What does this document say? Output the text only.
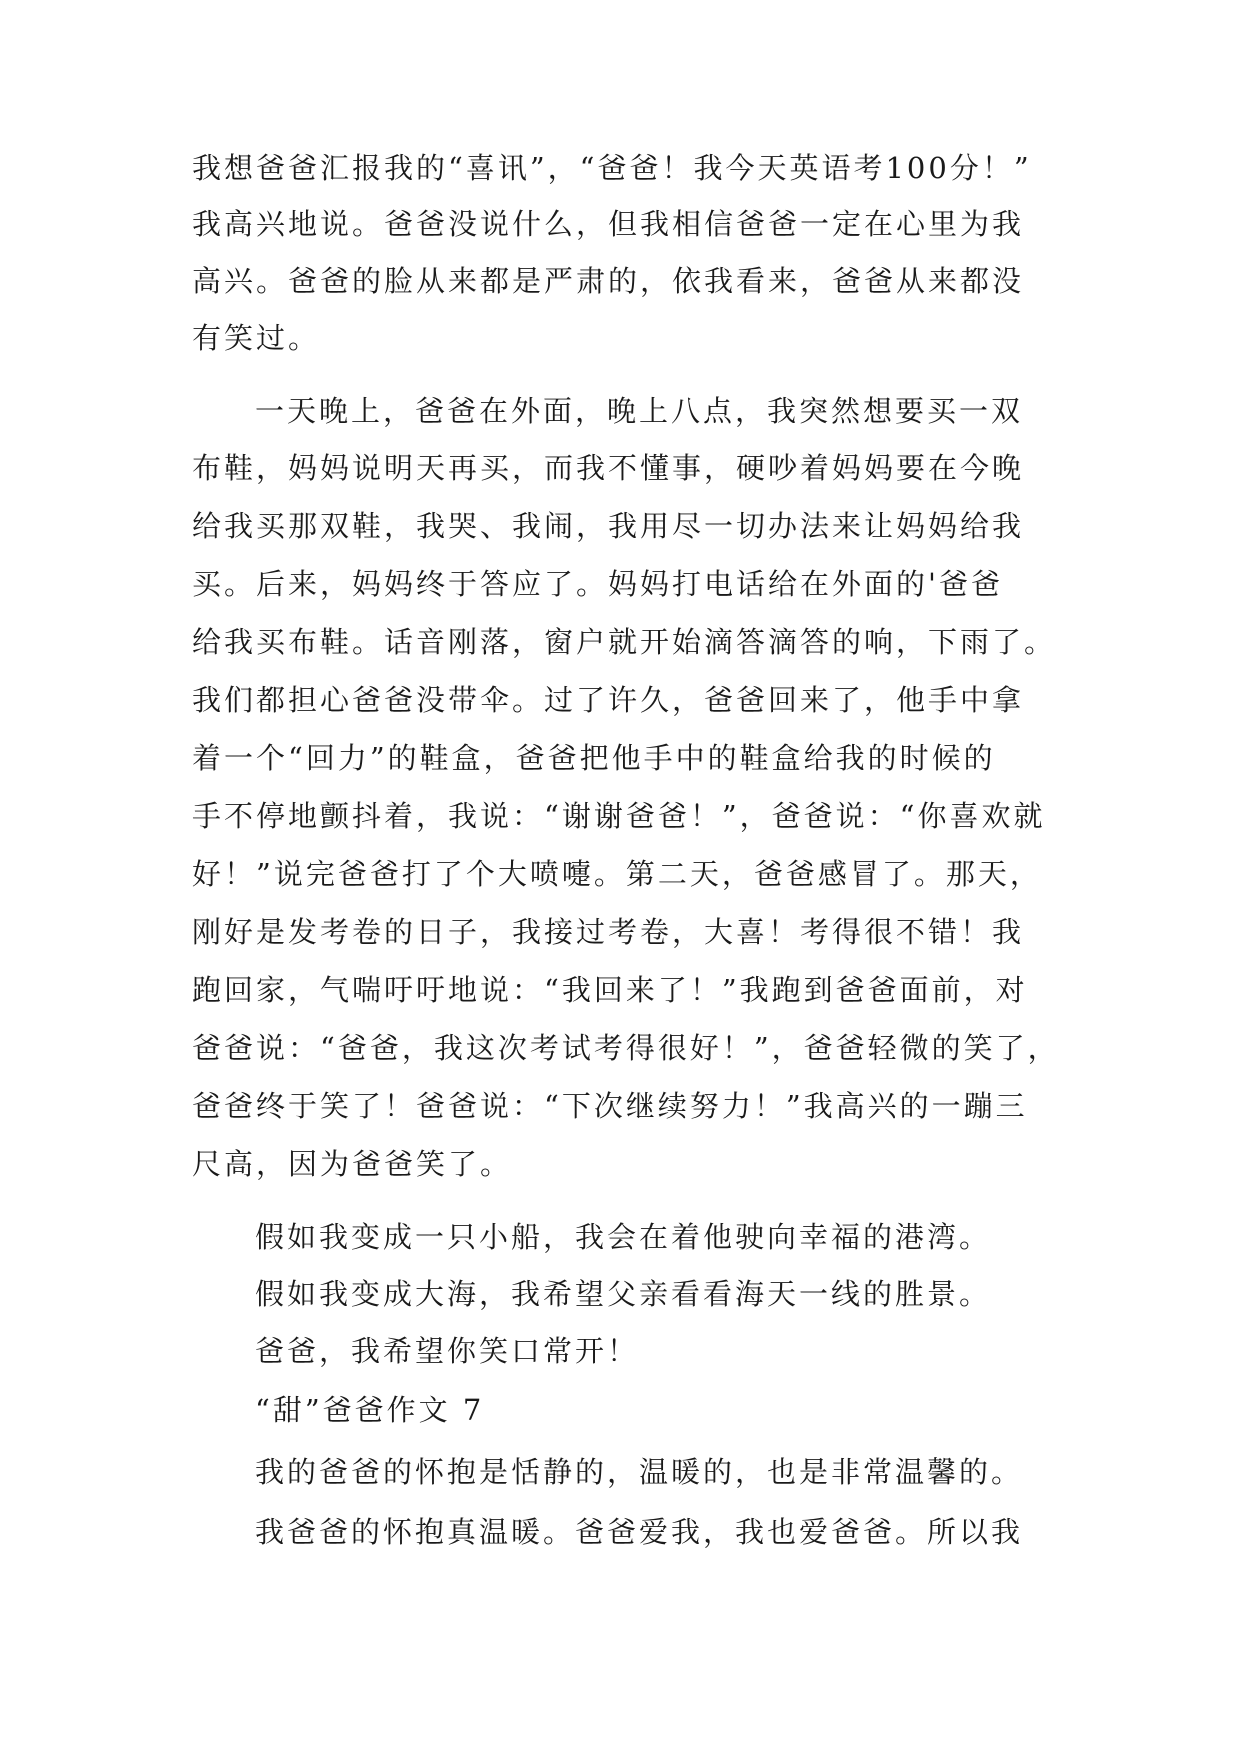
我想爸爸汇报我的“喜讯”，“爸爸！我今天英语考100分！”
我高兴地说。爸爸没说什么，但我相信爸爸一定在心里为我
高兴。爸爸的脸从来都是严肃的，依我看来，爸爸从来都没
有笑过。
一天晚上，爸爸在外面，晚上八点，我突然想要买一双
布鞋，妈妈说明天再买，而我不懂事，硬吵着妈妈要在今晚
给我买那双鞋，我哭、我闹，我用尽一切办法来让妈妈给我
买。后来，妈妈终于答应了。妈妈打电话给在外面的'爸爸
给我买布鞋。话音刚落，窗户就开始滴答滴答的响，下雨了。
我们都担心爸爸没带伞。过了许久，爸爸回来了，他手中拿
着一个“回力”的鞋盒，爸爸把他手中的鞋盒给我的时候的
手不停地颤抖着，我说：“谢谢爸爸！”，爸爸说：“你喜欢就
好！”说完爸爸打了个大喷嚏。第二天，爸爸感冒了。那天，
刚好是发考卷的日子，我接过考卷，大喜！考得很不错！我
跑回家，气喘吁吁地说：“我回来了！”我跑到爸爸面前，对
爸爸说：“爸爸，我这次考试考得很好！”，爸爸轻微的笑了，
爸爸终于笑了！爸爸说：“下次继续努力！”我高兴的一蹦三
尺高，因为爸爸笑了。
假如我变成一只小船，我会在着他驶向幸福的港湾。
假如我变成大海，我希望父亲看看海天一线的胜景。
爸爸，我希望你笑口常开！
“甜”爸爸作文 7
我的爸爸的怀抱是恬静的，温暖的，也是非常温馨的。
我爸爸的怀抱真温暖。爸爸爱我，我也爱爸爸。所以我
